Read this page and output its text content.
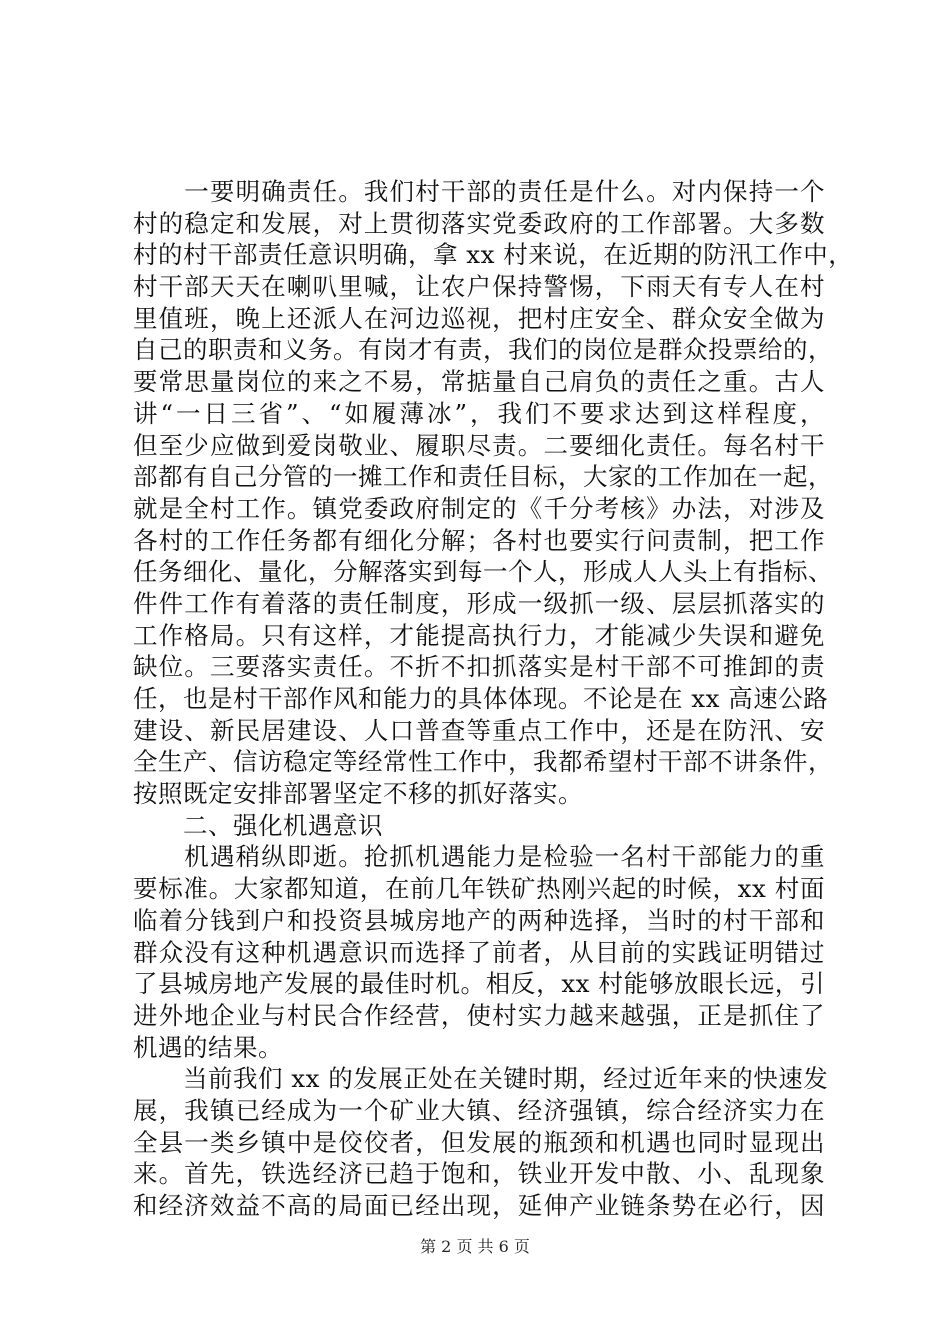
　　一要明确责任。我们村干部的责任是什么。对内保持一个
村的稳定和发展，对上贯彻落实党委政府的工作部署。大多数
村的村干部责任意识明确，拿 xx 村来说，在近期的防汛工作中，
村干部天天在喇叭里喊，让农户保持警惕，下雨天有专人在村
里值班，晚上还派人在河边巡视，把村庄安全、群众安全做为
自己的职责和义务。有岗才有责，我们的岗位是群众投票给的，
要常思量岗位的来之不易，常掂量自己肩负的责任之重。古人
讲“一日三省”、“如履薄冰”，我们不要求达到这样程度，
但至少应做到爱岗敬业、履职尽责。二要细化责任。每名村干
部都有自己分管的一摊工作和责任目标，大家的工作加在一起，
就是全村工作。镇党委政府制定的《千分考核》办法，对涉及
各村的工作任务都有细化分解；各村也要实行问责制，把工作
任务细化、量化，分解落实到每一个人，形成人人头上有指标、
件件工作有着落的责任制度，形成一级抓一级、层层抓落实的
工作格局。只有这样，才能提高执行力，才能减少失误和避免
缺位。三要落实责任。不折不扣抓落实是村干部不可推卸的责
任，也是村干部作风和能力的具体体现。不论是在 xx 高速公路
建设、新民居建设、人口普查等重点工作中，还是在防汛、安
全生产、信访稳定等经常性工作中，我都希望村干部不讲条件，
按照既定安排部署坚定不移的抓好落实。
　　二、强化机遇意识
　　机遇稍纵即逝。抢抓机遇能力是检验一名村干部能力的重
要标准。大家都知道，在前几年铁矿热刚兴起的时候，xx 村面
临着分钱到户和投资县城房地产的两种选择，当时的村干部和
群众没有这种机遇意识而选择了前者，从目前的实践证明错过
了县城房地产发展的最佳时机。相反，xx 村能够放眼长远，引
进外地企业与村民合作经营，使村实力越来越强，正是抓住了
机遇的结果。
　　当前我们 xx 的发展正处在关键时期，经过近年来的快速发
展，我镇已经成为一个矿业大镇、经济强镇，综合经济实力在
全县一类乡镇中是佼佼者，但发展的瓶颈和机遇也同时显现出
来。首先，铁选经济已趋于饱和，铁业开发中散、小、乱现象
和经济效益不高的局面已经出现，延伸产业链条势在必行，因
第 2 页 共 6 页
